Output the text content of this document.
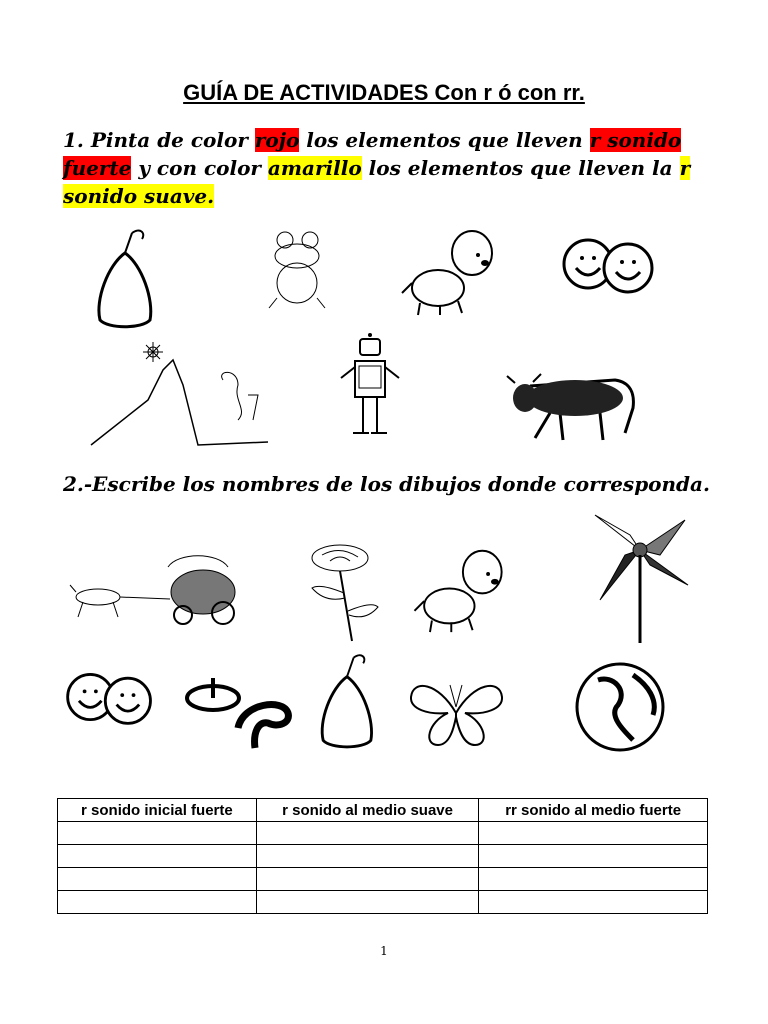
GUÍA DE ACTIVIDADES Con r ó con rr.
1. Pinta de color rojo los elementos que lleven r sonido fuerte y con color amarillo los elementos que lleven la r sonido suave.
2.-Escribe los nombres de los dibujos donde corresponda.
r sonido inicial fuerte	r sonido al medio suave	rr sonido al medio fuerte

1
